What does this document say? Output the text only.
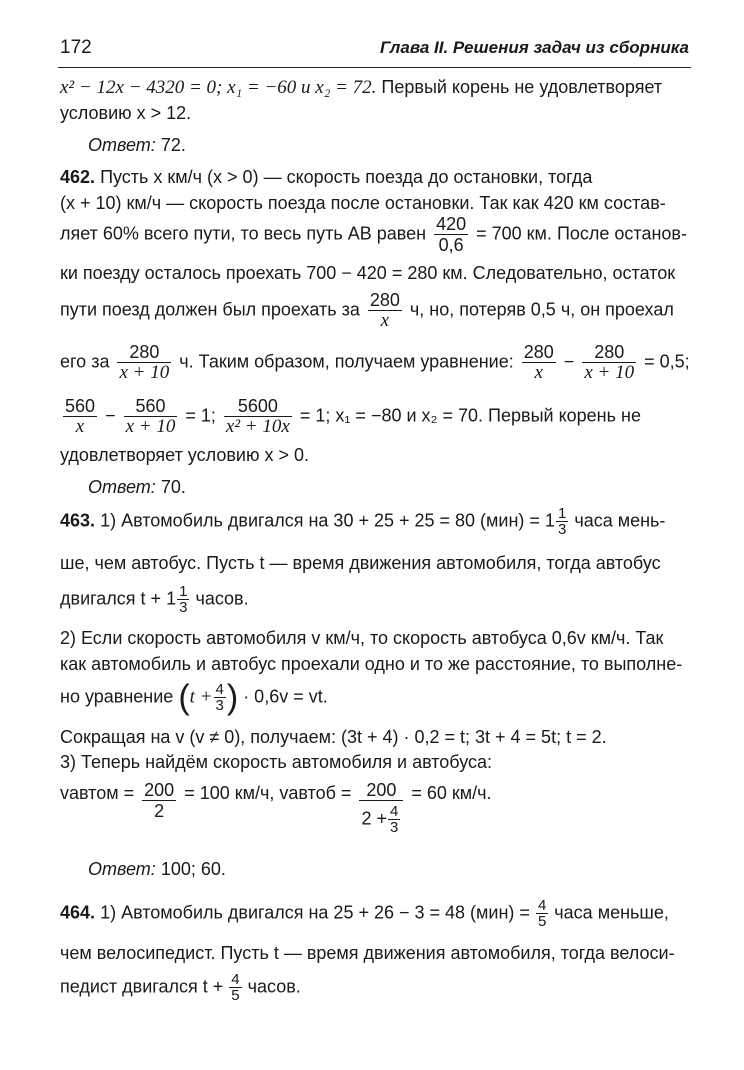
172	Глава II. Решения задач из сборника
x² − 12x − 4320 = 0; x₁ = −60 и x₂ = 72. Первый корень не удовлетворяет
условию x > 12.
Ответ: 72.
462. Пусть x км/ч (x > 0) — скорость поезда до остановки, тогда
(x + 10) км/ч — скорость поезда после остановки. Так как 420 км состав-
ляет 60% всего пути, то весь путь AB равен $\frac{420}{0,6} = 700$ км. После останов-
ки поезду осталось проехать 700 − 420 = 280 км. Следовательно, остаток
пути поезд должен был проехать за $\frac{280}{x} ч$, но, потеряв 0,5 ч, он проехал
его за $\frac{280}{x + 10} ч$. Таким образом, получаем уравнение: $\frac{280}{x} - \frac{280}{x + 10} = 0,5$;
$\frac{560}{x} - \frac{560}{x + 10} = 1$; $\frac{5600}{\text{x² + 10x}} = 1$; x₁ = −80 и x₂ = 70. Первый корень не
удовлетворяет условию x > 0.
Ответ: 70.
463. 1) Автомобиль двигался на 30 + 25 + 25 = 80 $(мин) = 1 \frac{1}{3}$ часа мень-
ше, чем автобус. Пусть t — время движения автомобиля, тогда автобус
двигался $t + 1 \frac{1}{3}$ часов.
2) Если скорость автомобиля v км/ч, то скорость автобуса 0,6v км/ч. Так
как автомобиль и автобус проехали одно и то же расстояние, то выполне-
но уравнение ($t + \frac{4}{3}$ ) · 0,6v = vt.
Сокращая на v (v ≠ 0), получаем: (3t + 4) · 0,2 = t; 3t + 4 = 5t; t = 2.
3) Теперь найдём скорость автомобиля и автобуса:
vавтом = $\frac{200}{2} = 100$ км/ч, vавтоб = $\frac{200}{2 + \frac{4}{3}} = 60$ км/ч.
Ответ: 100; 60.
464. 1) Автомобиль двигался на 25 + 26 − 3 = 48 $(мин) = \frac{4}{5}$ часа меньше,
чем велосипедист. Пусть t — время движения автомобиля, тогда велоси-
педист двигался $t + \frac{4}{5}$ часов.
